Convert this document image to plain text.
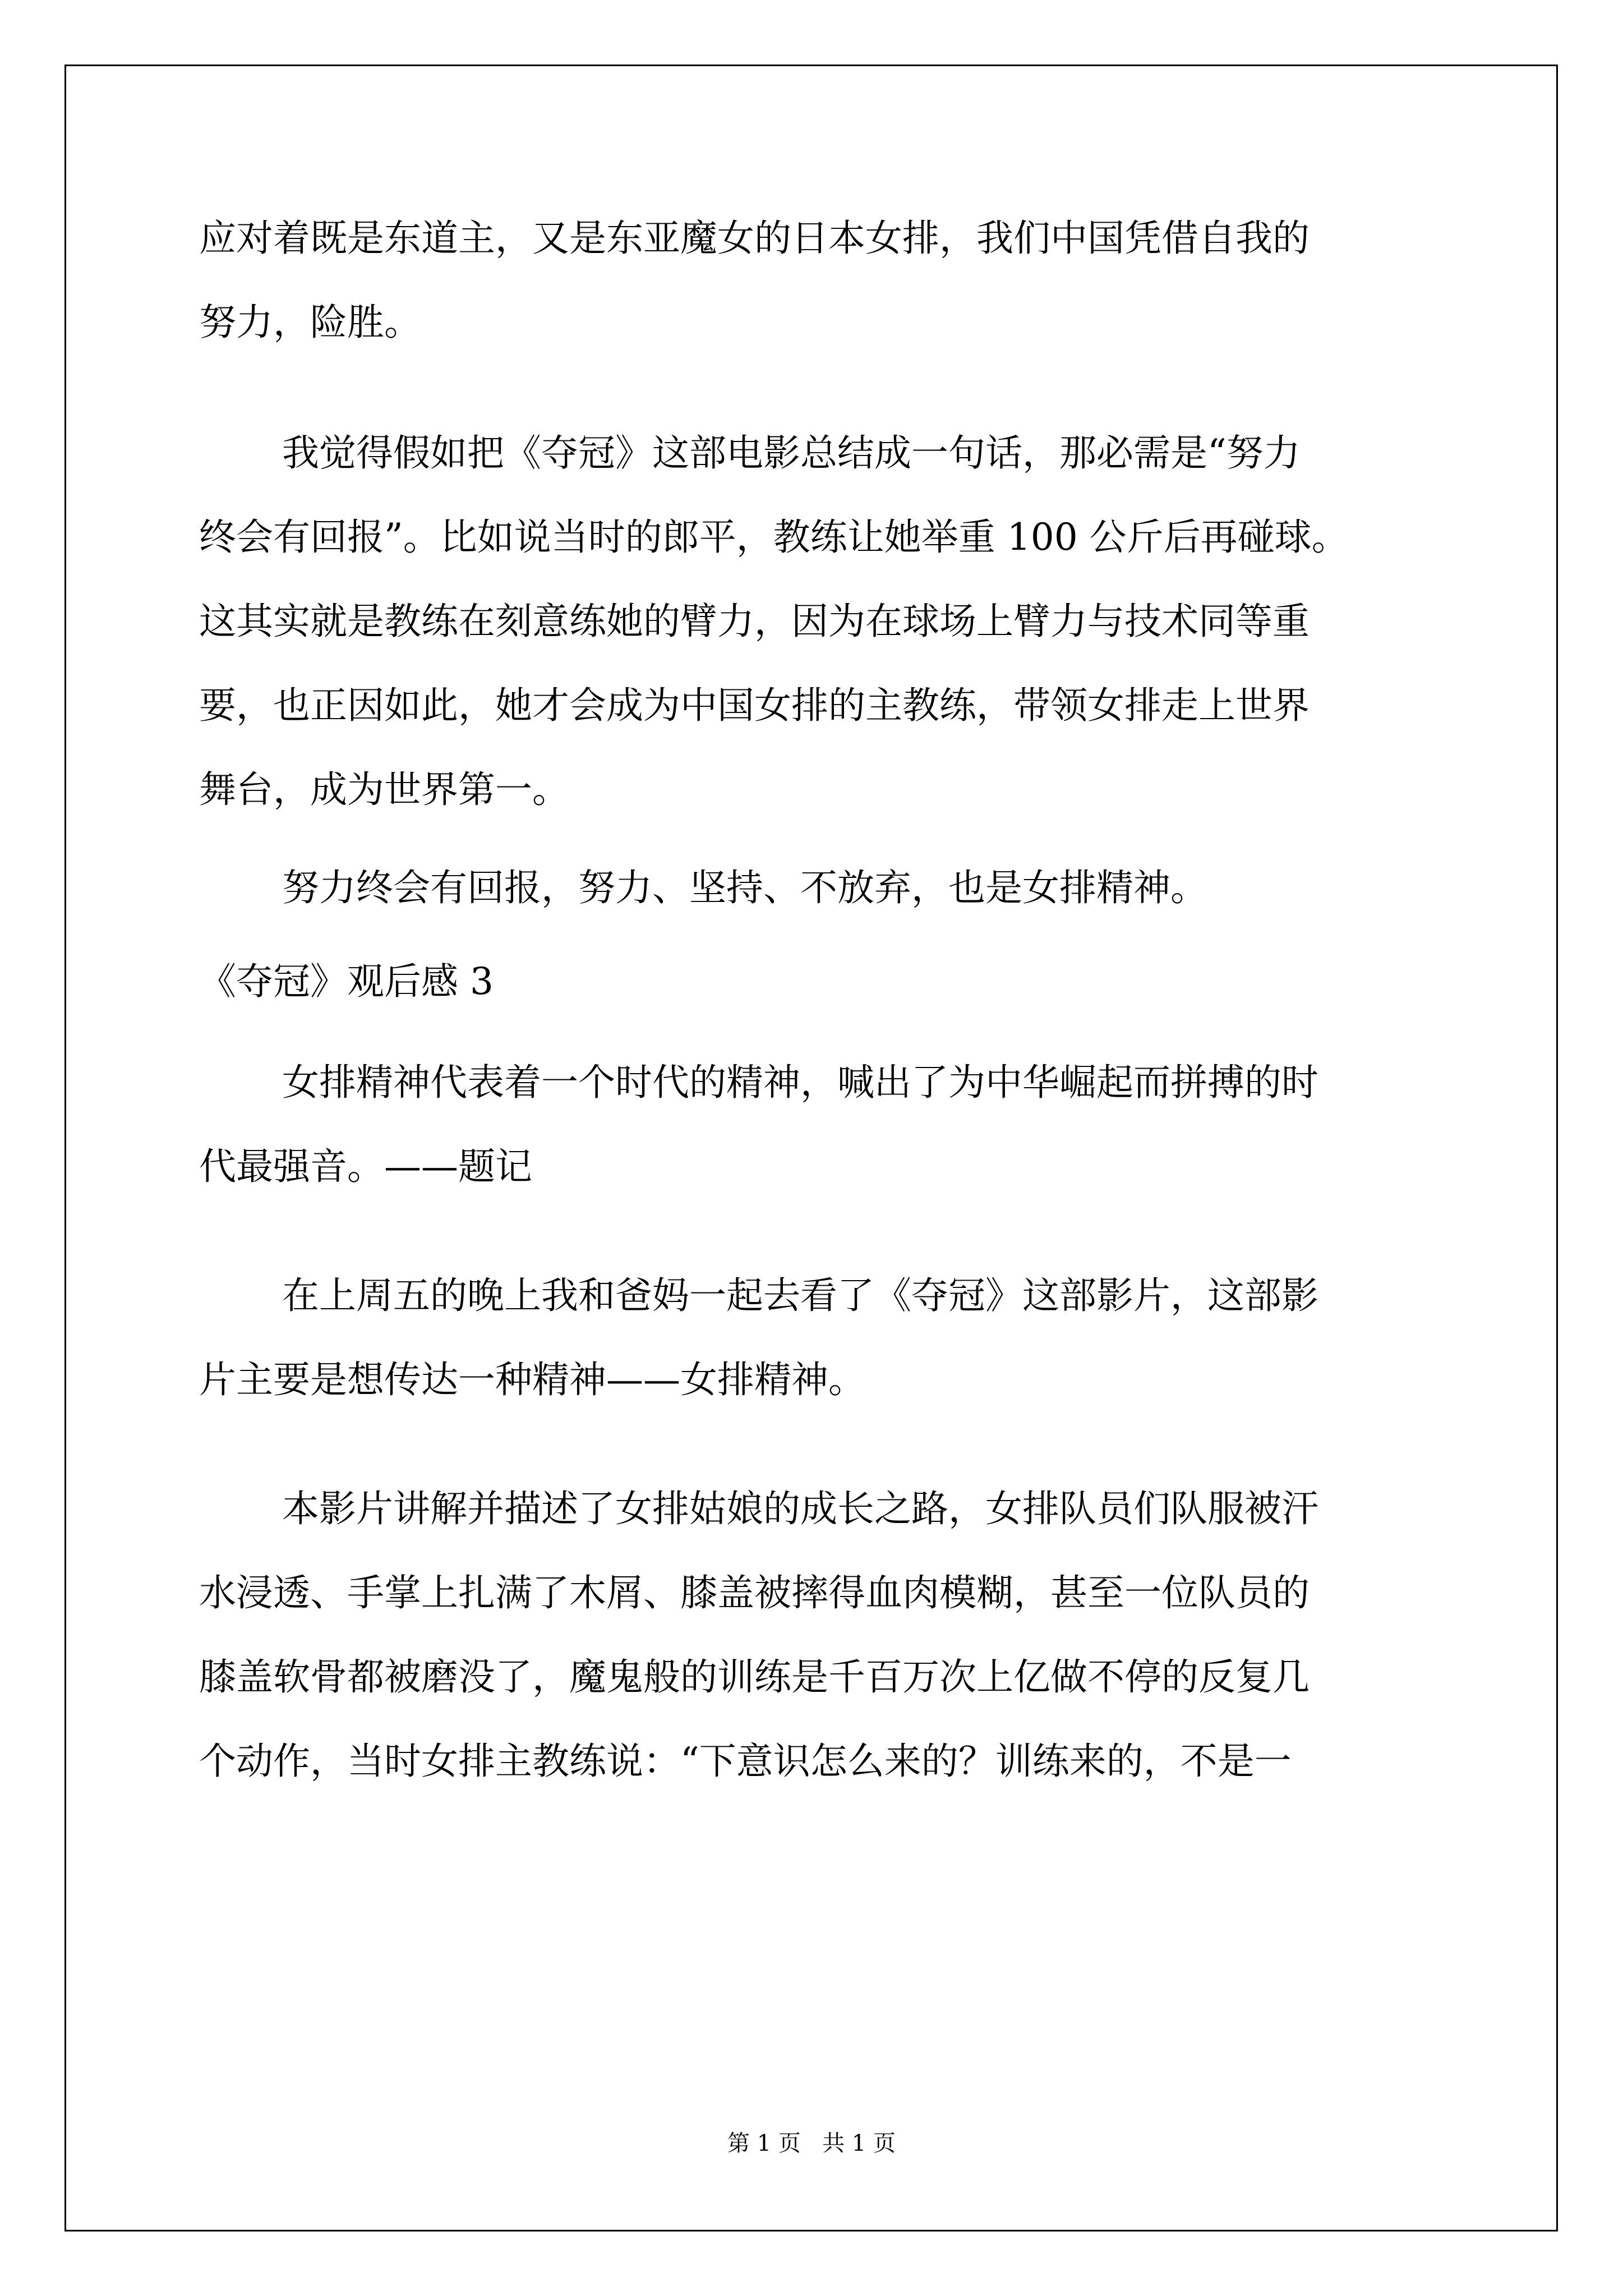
应对着既是东道主，又是东亚魔女的日本女排，我们中国凭借自我的
努力，险胜。
我觉得假如把《夺冠》这部电影总结成一句话，那必需是“努力
终会有回报”。比如说当时的郎平，教练让她举重 100 公斤后再碰球。
这其实就是教练在刻意练她的臂力，因为在球场上臂力与技术同等重
要，也正因如此，她才会成为中国女排的主教练，带领女排走上世界
舞台，成为世界第一。
努力终会有回报，努力、坚持、不放弃，也是女排精神。
《夺冠》观后感 3
女排精神代表着一个时代的精神，喊出了为中华崛起而拼搏的时
代最强音。——题记
在上周五的晚上我和爸妈一起去看了《夺冠》这部影片，这部影
片主要是想传达一种精神——女排精神。
本影片讲解并描述了女排姑娘的成长之路，女排队员们队服被汗
水浸透、手掌上扎满了木屑、膝盖被摔得血肉模糊，甚至一位队员的
膝盖软骨都被磨没了，魔鬼般的训练是千百万次上亿做不停的反复几
个动作，当时女排主教练说：“下意识怎么来的？训练来的，不是一
第 1 页   共 1 页
